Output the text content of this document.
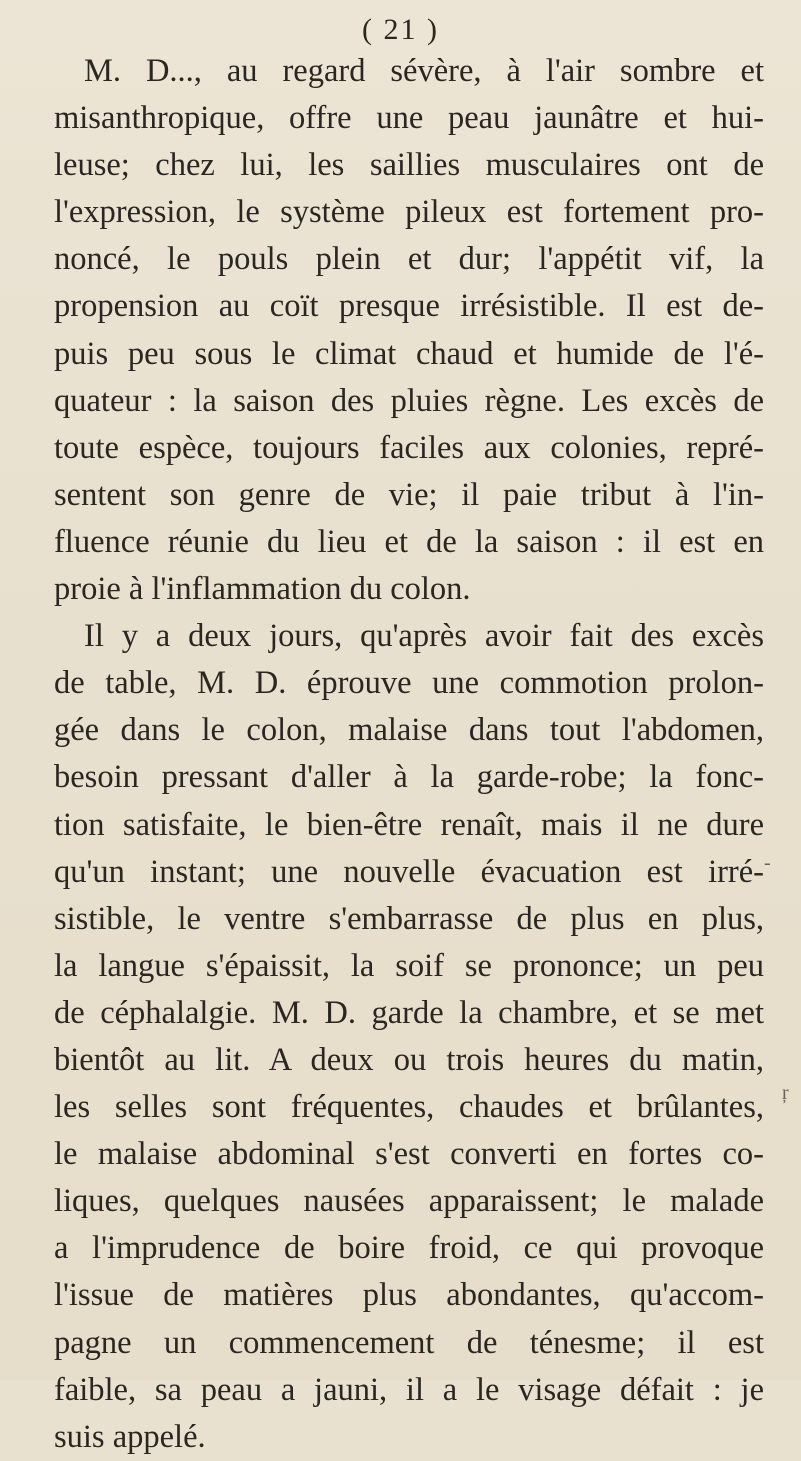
( 21 )
M. D..., au regard sévère, à l'air sombre et
misanthropique, offre une peau jaunâtre et hui-
leuse; chez lui, les saillies musculaires ont de
l'expression, le système pileux est fortement pro-
noncé, le pouls plein et dur; l'appétit vif, la
propension au coït presque irrésistible. Il est de-
puis peu sous le climat chaud et humide de l'é-
quateur : la saison des pluies règne. Les excès de
toute espèce, toujours faciles aux colonies, repré-
sentent son genre de vie; il paie tribut à l'in-
fluence réunie du lieu et de la saison : il est en
proie à l'inflammation du colon.
Il y a deux jours, qu'après avoir fait des excès
de table, M. D. éprouve une commotion prolon-
gée dans le colon, malaise dans tout l'abdomen,
besoin pressant d'aller à la garde-robe; la fonc-
tion satisfaite, le bien-être renaît, mais il ne dure
qu'un instant; une nouvelle évacuation est irré-
sistible, le ventre s'embarrasse de plus en plus,
la langue s'épaissit, la soif se prononce; un peu
de céphalalgie. M. D. garde la chambre, et se met
bientôt au lit. A deux ou trois heures du matin,
les selles sont fréquentes, chaudes et brûlantes,
le malaise abdominal s'est converti en fortes co-
liques, quelques nausées apparaissent; le malade
a l'imprudence de boire froid, ce qui provoque
l'issue de matières plus abondantes, qu'accom-
pagne un commencement de ténesme; il est
faible, sa peau a jauni, il a le visage défait : je
suis appelé.
-
ŗ
